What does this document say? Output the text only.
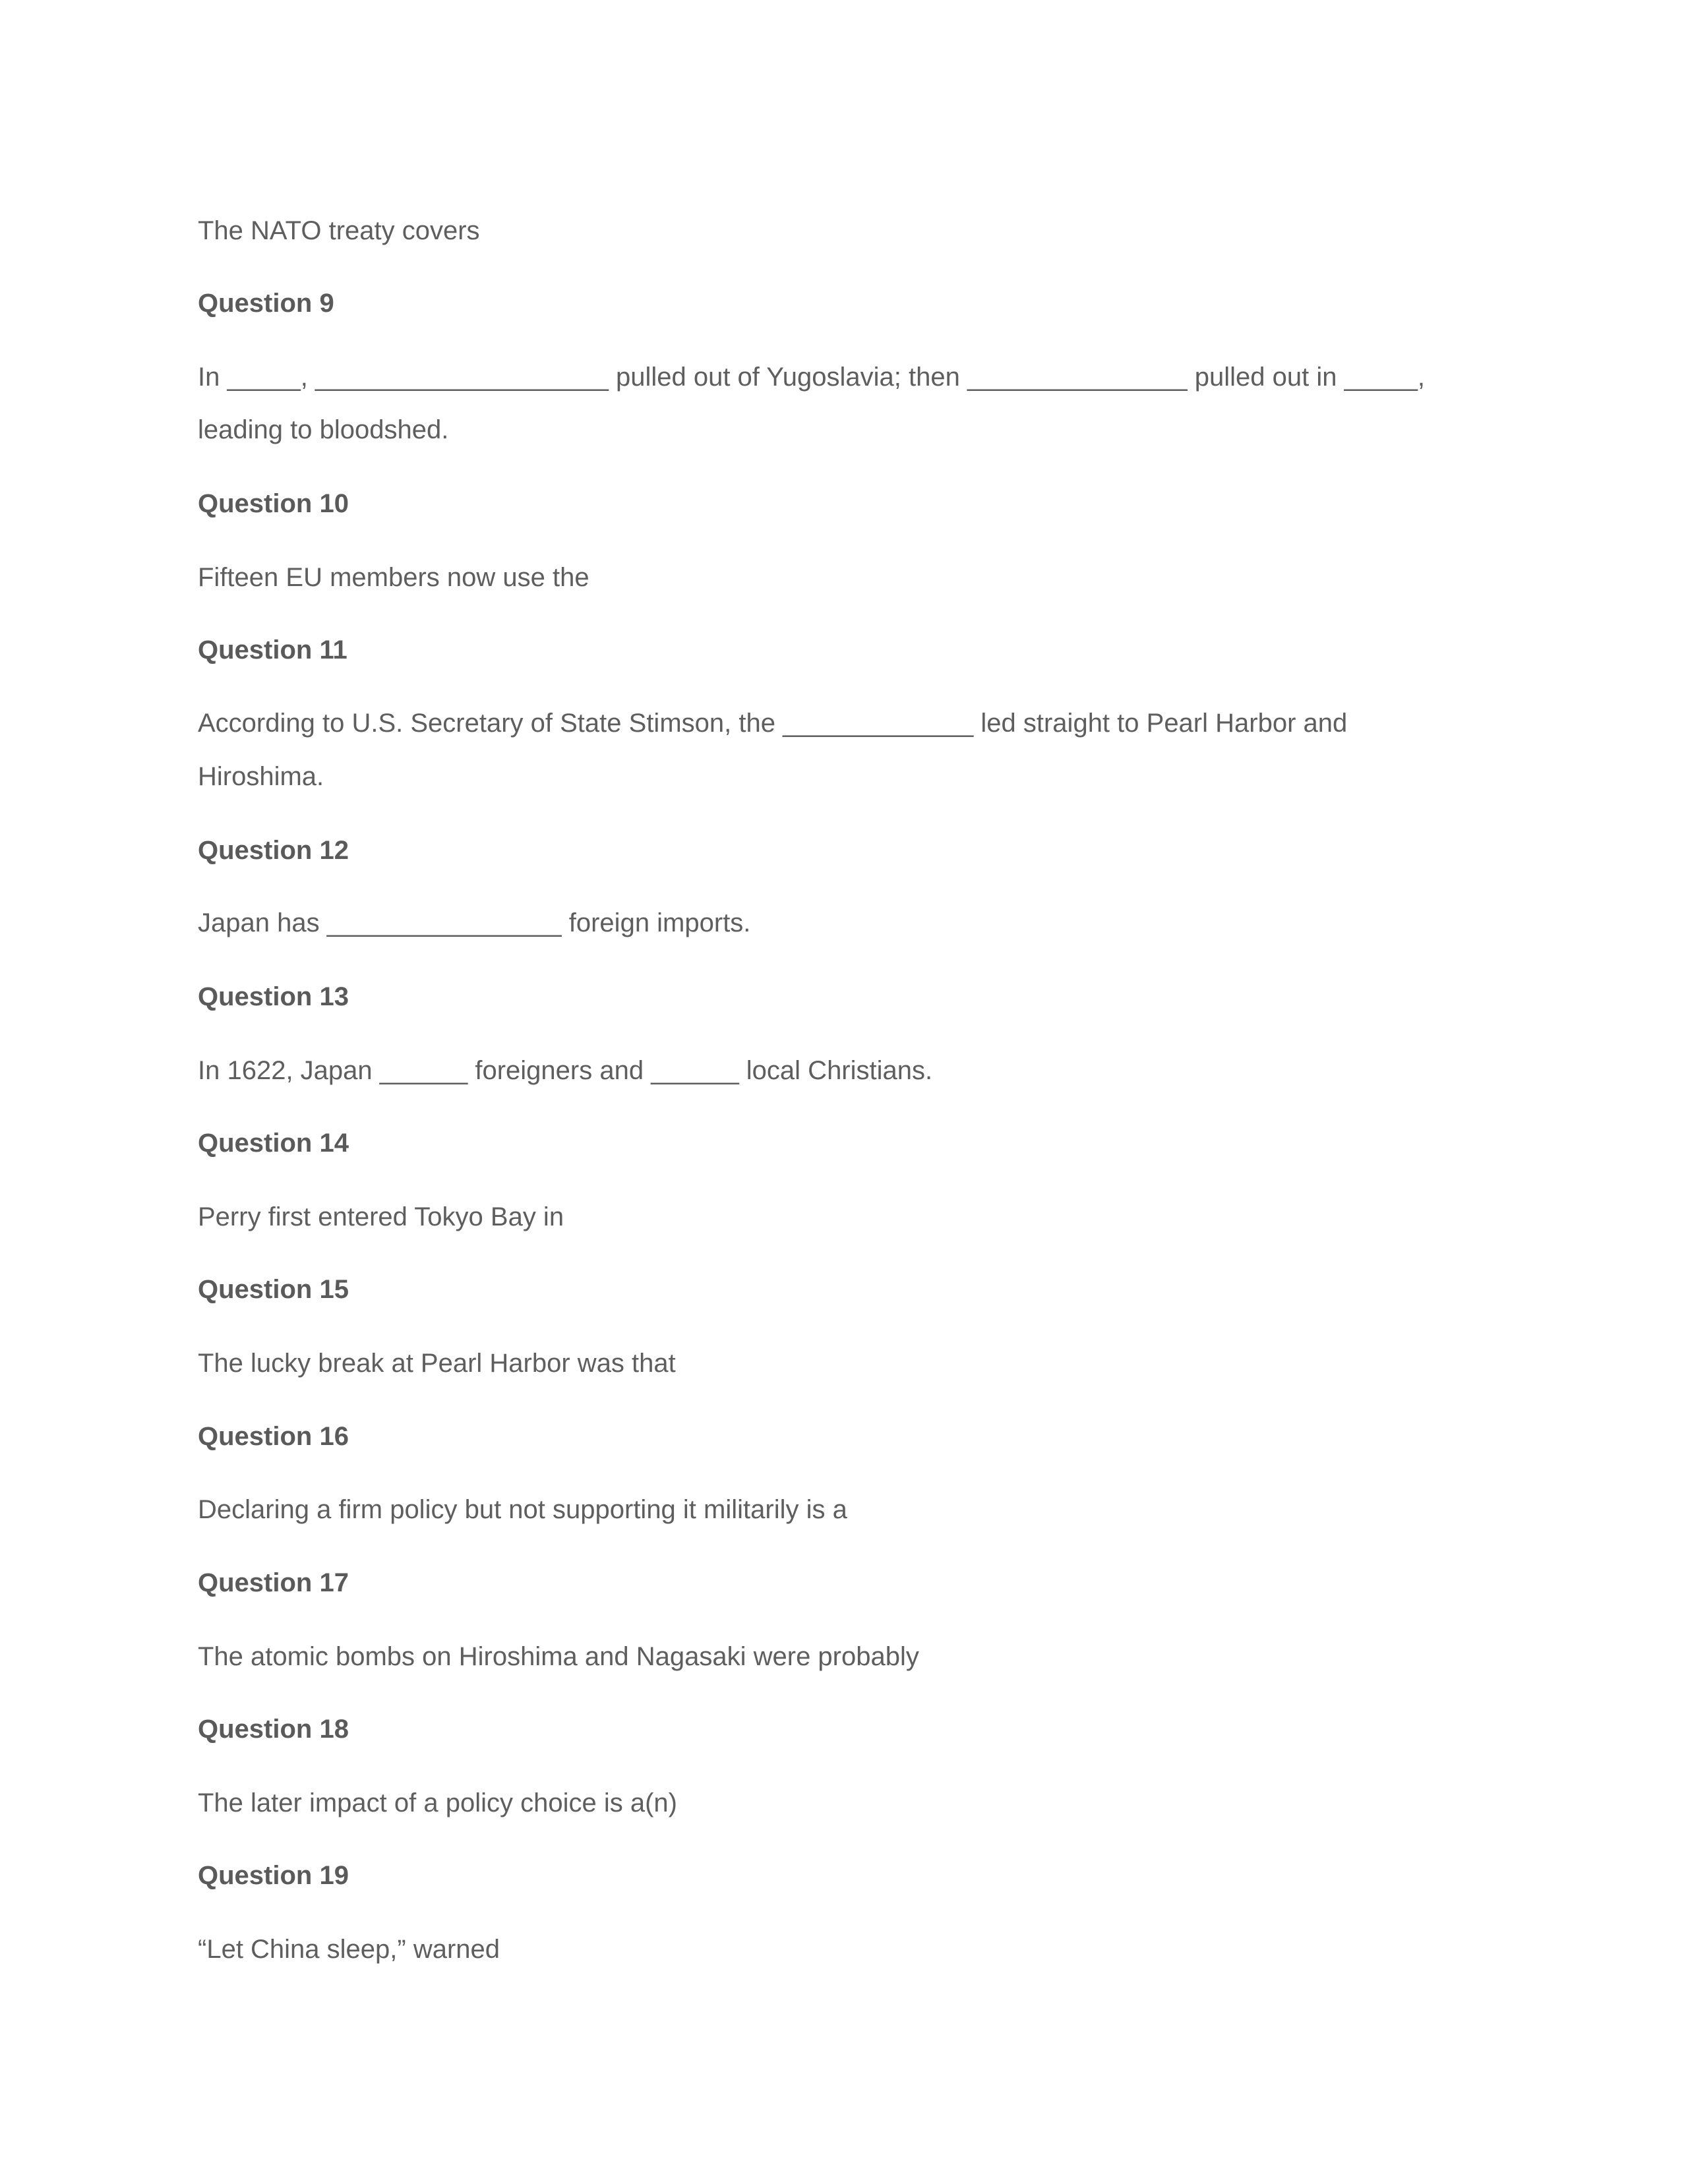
The NATO treaty covers
Question 9
In _____, ____________________ pulled out of Yugoslavia; then _______________ pulled out in _____,
leading to bloodshed.
Question 10
Fifteen EU members now use the
Question 11
According to U.S. Secretary of State Stimson, the _____________ led straight to Pearl Harbor and
Hiroshima.
Question 12
Japan has ________________ foreign imports.
Question 13
In 1622, Japan ______ foreigners and ______ local Christians.
Question 14
Perry first entered Tokyo Bay in
Question 15
The lucky break at Pearl Harbor was that
Question 16
Declaring a firm policy but not supporting it militarily is a
Question 17
The atomic bombs on Hiroshima and Nagasaki were probably
Question 18
The later impact of a policy choice is a(n)
Question 19
“Let China sleep,” warned
